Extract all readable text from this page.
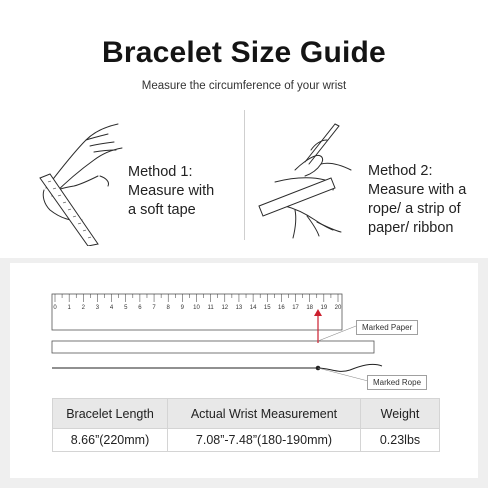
Bracelet Size Guide
Measure the circumference of your wrist
Method 1:
Measure with
a soft tape
Method 2:
Measure with a
rope/ a strip of
paper/ ribbon
0 1 2 3 4 5 6 7 8 9 10 11 12 13 14 15 16 17 18 19 20
Marked Paper
Marked Rope
Bracelet Length	Actual Wrist Measurement	Weight
8.66”(220mm)	7.08”-7.48”(180-190mm)	0.23lbs
